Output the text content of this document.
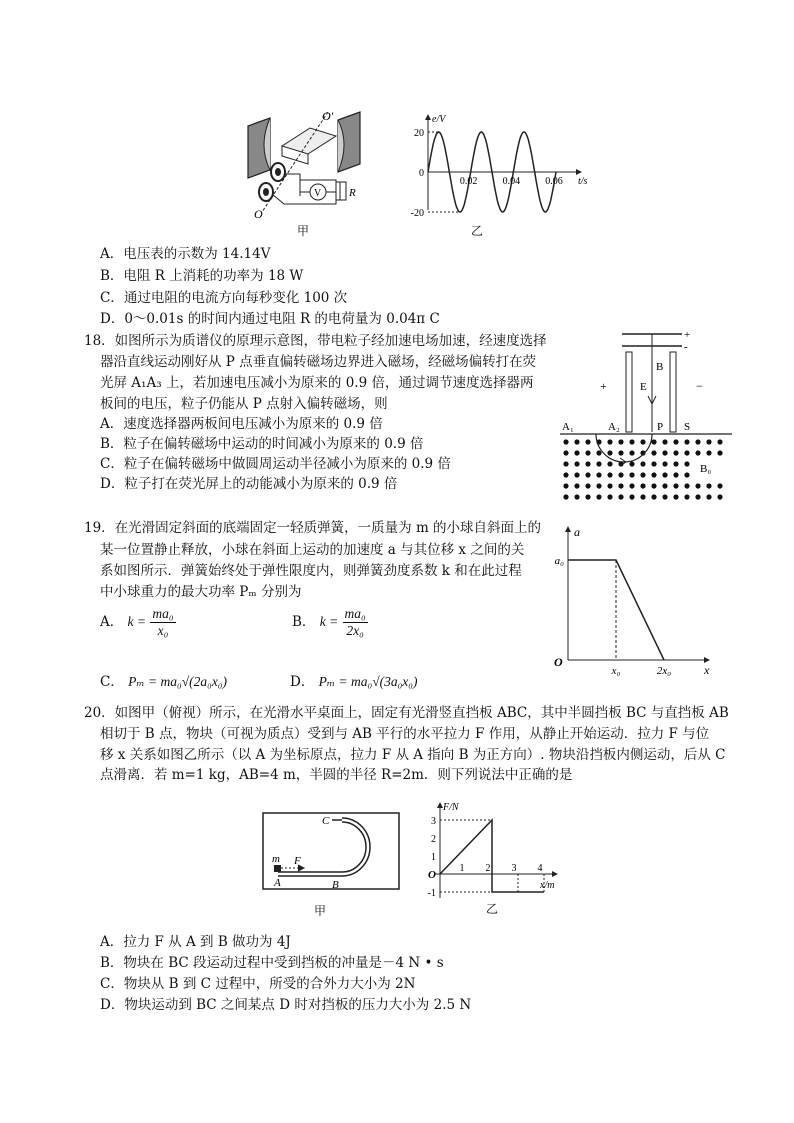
V	R
O'
O
甲
e/V
t/s
20
0
-20
0.02	0.04	0.06
乙
A．电压表的示数为 14.14V
B．电阻 R 上消耗的功率为 18 W
C．通过电阻的电流方向每秒变化 100 次
D．0～0.01s 的时间内通过电阻 R 的电荷量为 0.04π C
18．如图所示为质谱仪的原理示意图，带电粒子经加速电场加速，经速度选择
器沿直线运动刚好从 P 点垂直偏转磁场边界进入磁场，经磁场偏转打在荧
光屏 A₁A₃ 上，若加速电压减小为原来的 0.9 倍，通过调节速度选择器两
板间的电压，粒子仍能从 P 点射入偏转磁场，则
A．速度选择器两板间电压减小为原来的 0.9 倍
B．粒子在偏转磁场中运动的时间减小为原来的 0.9 倍
C．粒子在偏转磁场中做圆周运动半径减小为原来的 0.9 倍
D．粒子打在荧光屏上的动能减小为原来的 0.9 倍
+
-
+	−
E
B
A₁	A₂	P S
B₀
19．在光滑固定斜面的底端固定一轻质弹簧，一质量为 m 的小球自斜面上的
某一位置静止释放，小球在斜面上运动的加速度 a 与其位移 x 之间的关
系如图所示．弹簧始终处于弹性限度内，则弹簧劲度系数 k 和在此过程
中小球重力的最大功率 Pₘ 分别为
A． $k = \frac{\text{ma₀}}{\text{x₀}}$	B． $k = \frac{\text{ma₀}}{\text{2x₀}}$
C． Pₘ = ma₀√(2a₀x₀)	D． Pₘ = ma₀√(3a₀x₀)
a
x
O
a₀
x₀	2x₀
20．如图甲（俯视）所示，在光滑水平桌面上，固定有光滑竖直挡板 ABC，其中半圆挡板 BC 与直挡板 AB
相切于 B 点，物块（可视为质点）受到与 AB 平行的水平拉力 F 作用，从静止开始运动．拉力 F 与位
移 x 关系如图乙所示（以 A 为坐标原点，拉力 F 从 A 指向 B 为正方向）. 物块沿挡板内侧运动，后从 C
点滑离．若 m=1 kg，AB=4 m，半圆的半径 R=2m．则下列说法中正确的是
m F
A	B
C
甲
F/N
x/m
O
3
2
1
-1
1 2 3 4
乙
A．拉力 F 从 A 到 B 做功为 4J
B．物块在 BC 段运动过程中受到挡板的冲量是－4 N • s
C．物块从 B 到 C 过程中，所受的合外力大小为 2N
D．物块运动到 BC 之间某点 D 时对挡板的压力大小为 2.5 N
